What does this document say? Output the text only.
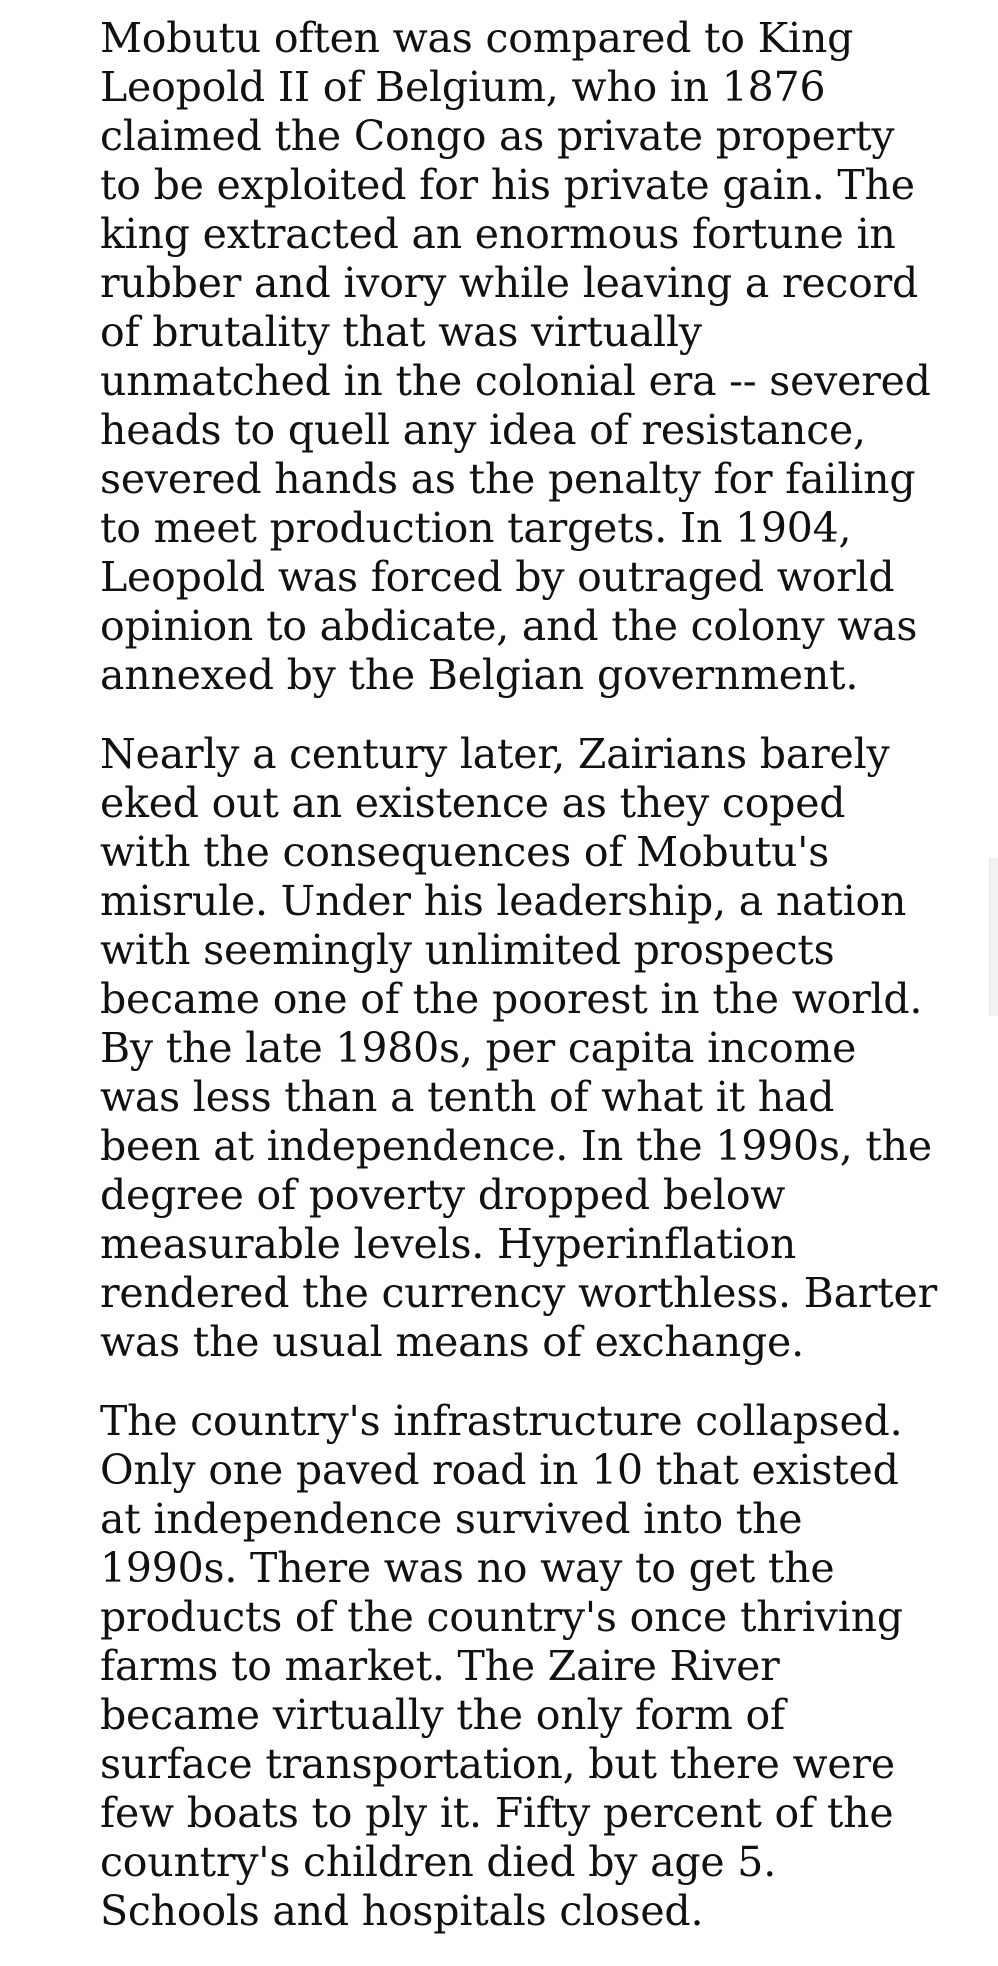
Mobutu often was compared to King Leopold II of Belgium, who in 1876 claimed the Congo as private property to be exploited for his private gain. The king extracted an enormous fortune in rubber and ivory while leaving a record of brutality that was virtually unmatched in the colonial era -- severed heads to quell any idea of resistance, severed hands as the penalty for failing to meet production targets. In 1904, Leopold was forced by outraged world opinion to abdicate, and the colony was annexed by the Belgian government.

Nearly a century later, Zairians barely eked out an existence as they coped with the consequences of Mobutu's misrule. Under his leadership, a nation with seemingly unlimited prospects became one of the poorest in the world. By the late 1980s, per capita income was less than a tenth of what it had been at independence. In the 1990s, the degree of poverty dropped below measurable levels. Hyperinflation rendered the currency worthless. Barter was the usual means of exchange.

The country's infrastructure collapsed. Only one paved road in 10 that existed at independence survived into the 1990s. There was no way to get the products of the country's once thriving farms to market. The Zaire River became virtually the only form of surface transportation, but there were few boats to ply it. Fifty percent of the country's children died by age 5. Schools and hospitals closed.
